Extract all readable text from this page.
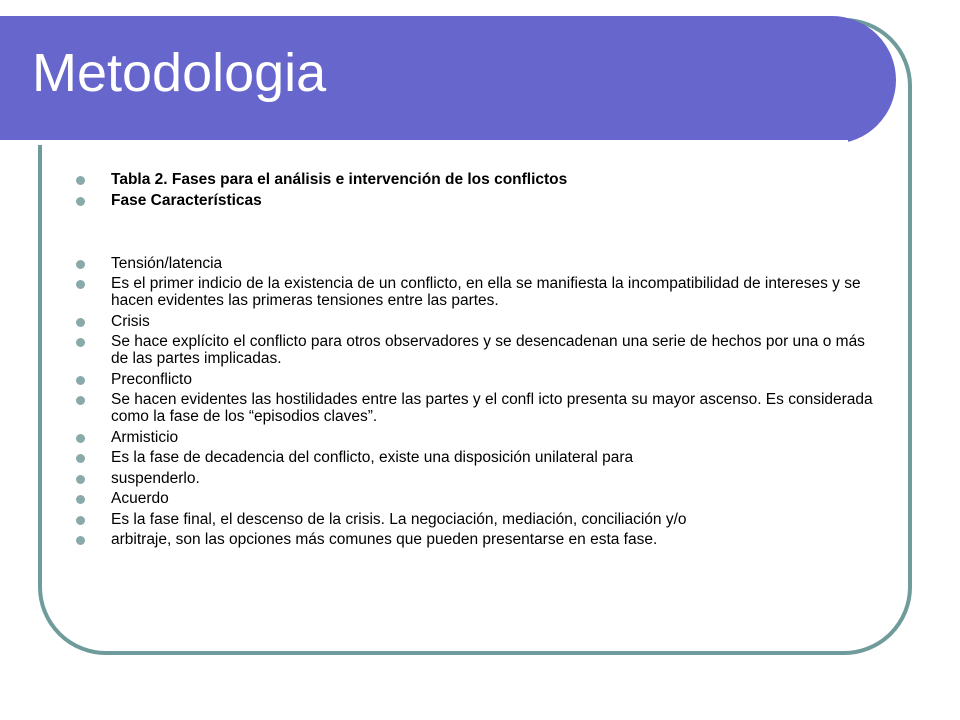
Metodologia
Tabla 2. Fases para el análisis e intervención de los conflictos
Fase Características
Tensión/latencia
Es el primer indicio de la existencia de un conflicto, en ella se manifiesta la incompatibilidad de intereses y se hacen evidentes las primeras tensiones entre las partes.
Crisis
Se hace explícito el conflicto para otros observadores y se desencadenan una serie de hechos por una o más de las partes implicadas.
Preconflicto
Se hacen evidentes las hostilidades entre las partes y el confl icto presenta su mayor ascenso. Es considerada como la fase de los “episodios claves”.
Armisticio
Es la fase de decadencia del conflicto, existe una disposición unilateral para
suspenderlo.
Acuerdo
Es la fase final, el descenso de la crisis. La negociación, mediación, conciliación y/o
arbitraje, son las opciones más comunes que pueden presentarse en esta fase.
